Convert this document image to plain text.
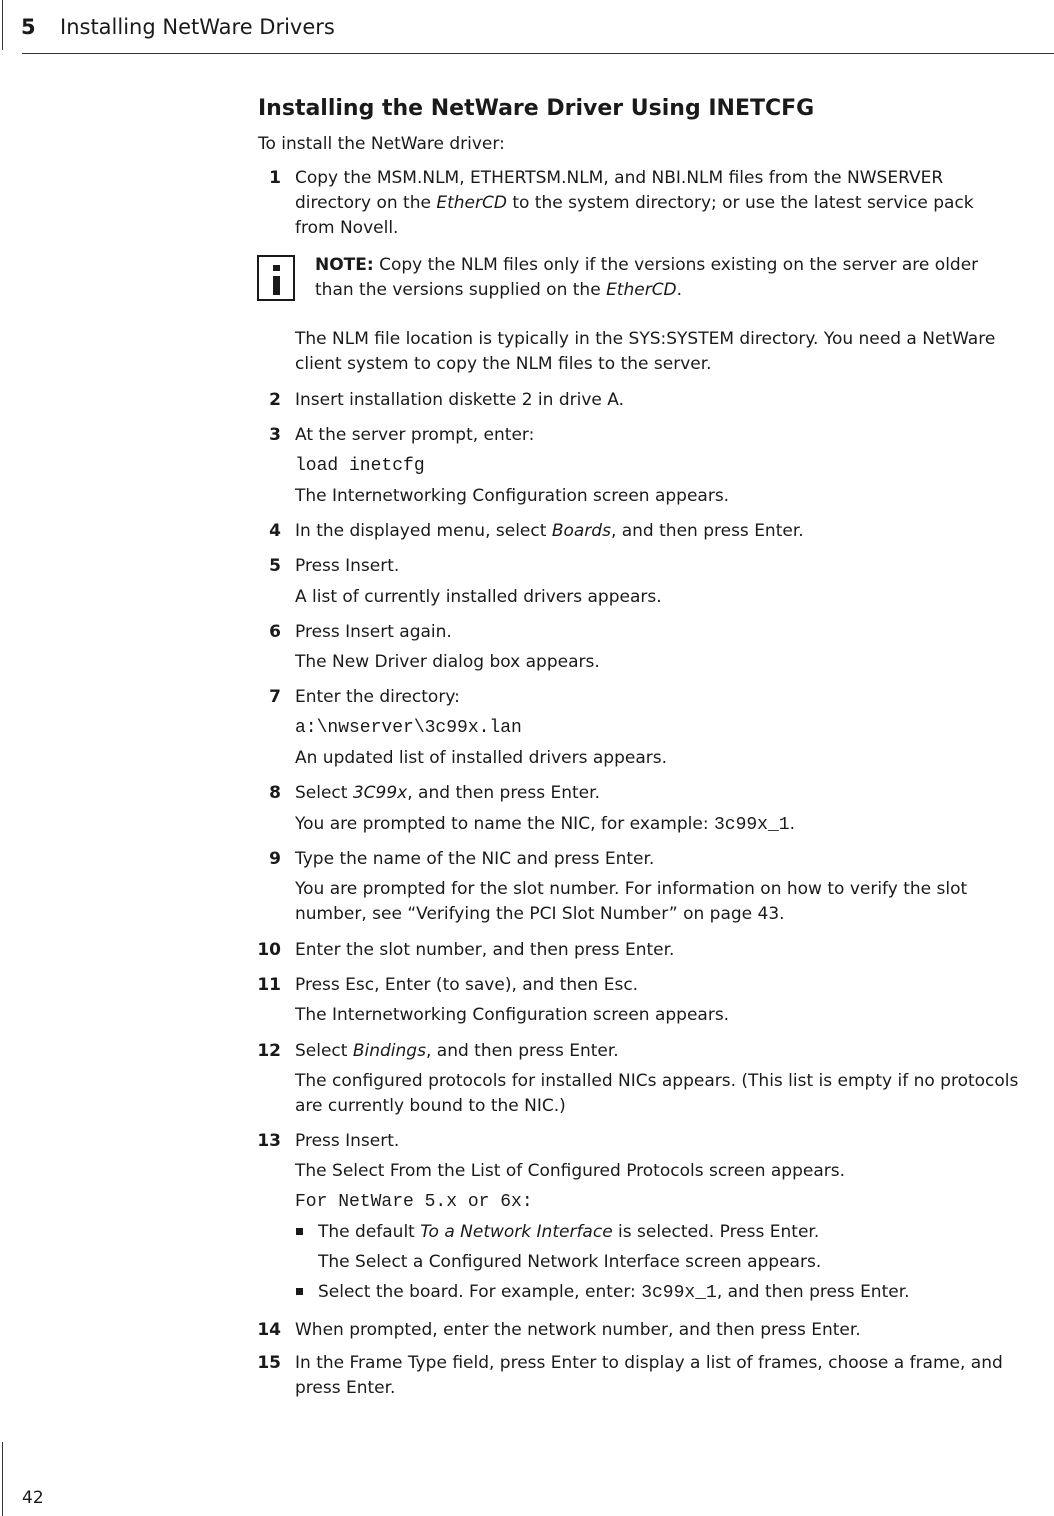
5 Installing NetWare Drivers
Installing the NetWare Driver Using INETCFG
To install the NetWare driver:
1 Copy the MSM.NLM, ETHERTSM.NLM, and NBI.NLM files from the NWSERVER
directory on the EtherCD to the system directory; or use the latest service pack
from Novell.
NOTE: Copy the NLM files only if the versions existing on the server are older
than the versions supplied on the EtherCD.
The NLM file location is typically in the SYS:SYSTEM directory. You need a NetWare
client system to copy the NLM files to the server.
2 Insert installation diskette 2 in drive A.
3 At the server prompt, enter:
load inetcfg
The Internetworking Configuration screen appears.
4 In the displayed menu, select Boards, and then press Enter.
5 Press Insert.
A list of currently installed drivers appears.
6 Press Insert again.
The New Driver dialog box appears.
7 Enter the directory:
a:\nwserver\3c99x.lan
An updated list of installed drivers appears.
8 Select 3C99x, and then press Enter.
You are prompted to name the NIC, for example: 3c99x_1.
9 Type the name of the NIC and press Enter.
You are prompted for the slot number. For information on how to verify the slot
number, see “Verifying the PCI Slot Number” on page 43.
10 Enter the slot number, and then press Enter.
11 Press Esc, Enter (to save), and then Esc.
The Internetworking Configuration screen appears.
12 Select Bindings, and then press Enter.
The configured protocols for installed NICs appears. (This list is empty if no protocols
are currently bound to the NIC.)
13 Press Insert.
The Select From the List of Configured Protocols screen appears.
For NetWare 5.x or 6x:
The default To a Network Interface is selected. Press Enter.
The Select a Configured Network Interface screen appears.
Select the board. For example, enter: 3c99x_1, and then press Enter.
14 When prompted, enter the network number, and then press Enter.
15 In the Frame Type field, press Enter to display a list of frames, choose a frame, and
press Enter.
42
